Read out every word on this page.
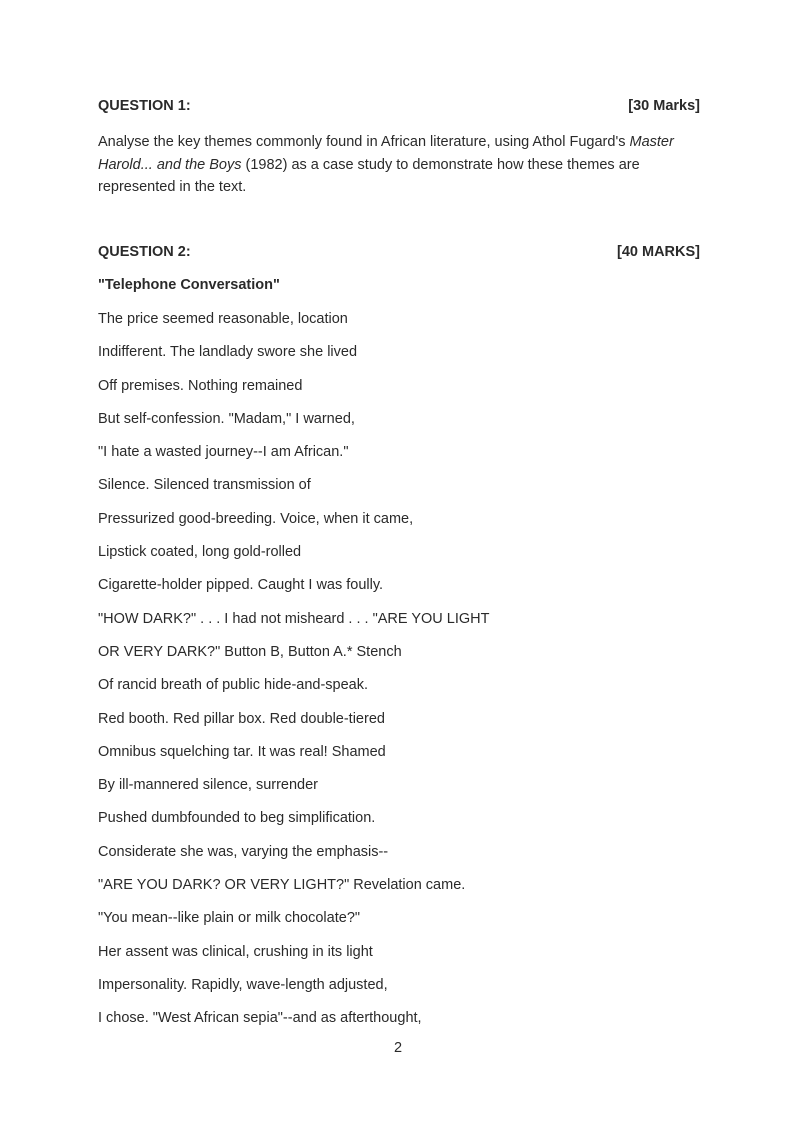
QUESTION 1:	[30 Marks]
Analyse the key themes commonly found in African literature, using Athol Fugard's Master Harold... and the Boys (1982) as a case study to demonstrate how these themes are represented in the text.
QUESTION 2:	[40 MARKS]
"Telephone Conversation"
The price seemed reasonable, location
Indifferent. The landlady swore she lived
Off premises. Nothing remained
But self-confession. "Madam," I warned,
"I hate a wasted journey--I am African."
Silence. Silenced transmission of
Pressurized good-breeding. Voice, when it came,
Lipstick coated, long gold-rolled
Cigarette-holder pipped. Caught I was foully.
"HOW DARK?" . . . I had not misheard . . . "ARE YOU LIGHT
OR VERY DARK?" Button B, Button A.* Stench
Of rancid breath of public hide-and-speak.
Red booth. Red pillar box. Red double-tiered
Omnibus squelching tar. It was real! Shamed
By ill-mannered silence, surrender
Pushed dumbfounded to beg simplification.
Considerate she was, varying the emphasis--
"ARE YOU DARK? OR VERY LIGHT?" Revelation came.
"You mean--like plain or milk chocolate?"
Her assent was clinical, crushing in its light
Impersonality. Rapidly, wave-length adjusted,
I chose. "West African sepia"--and as afterthought,
2
